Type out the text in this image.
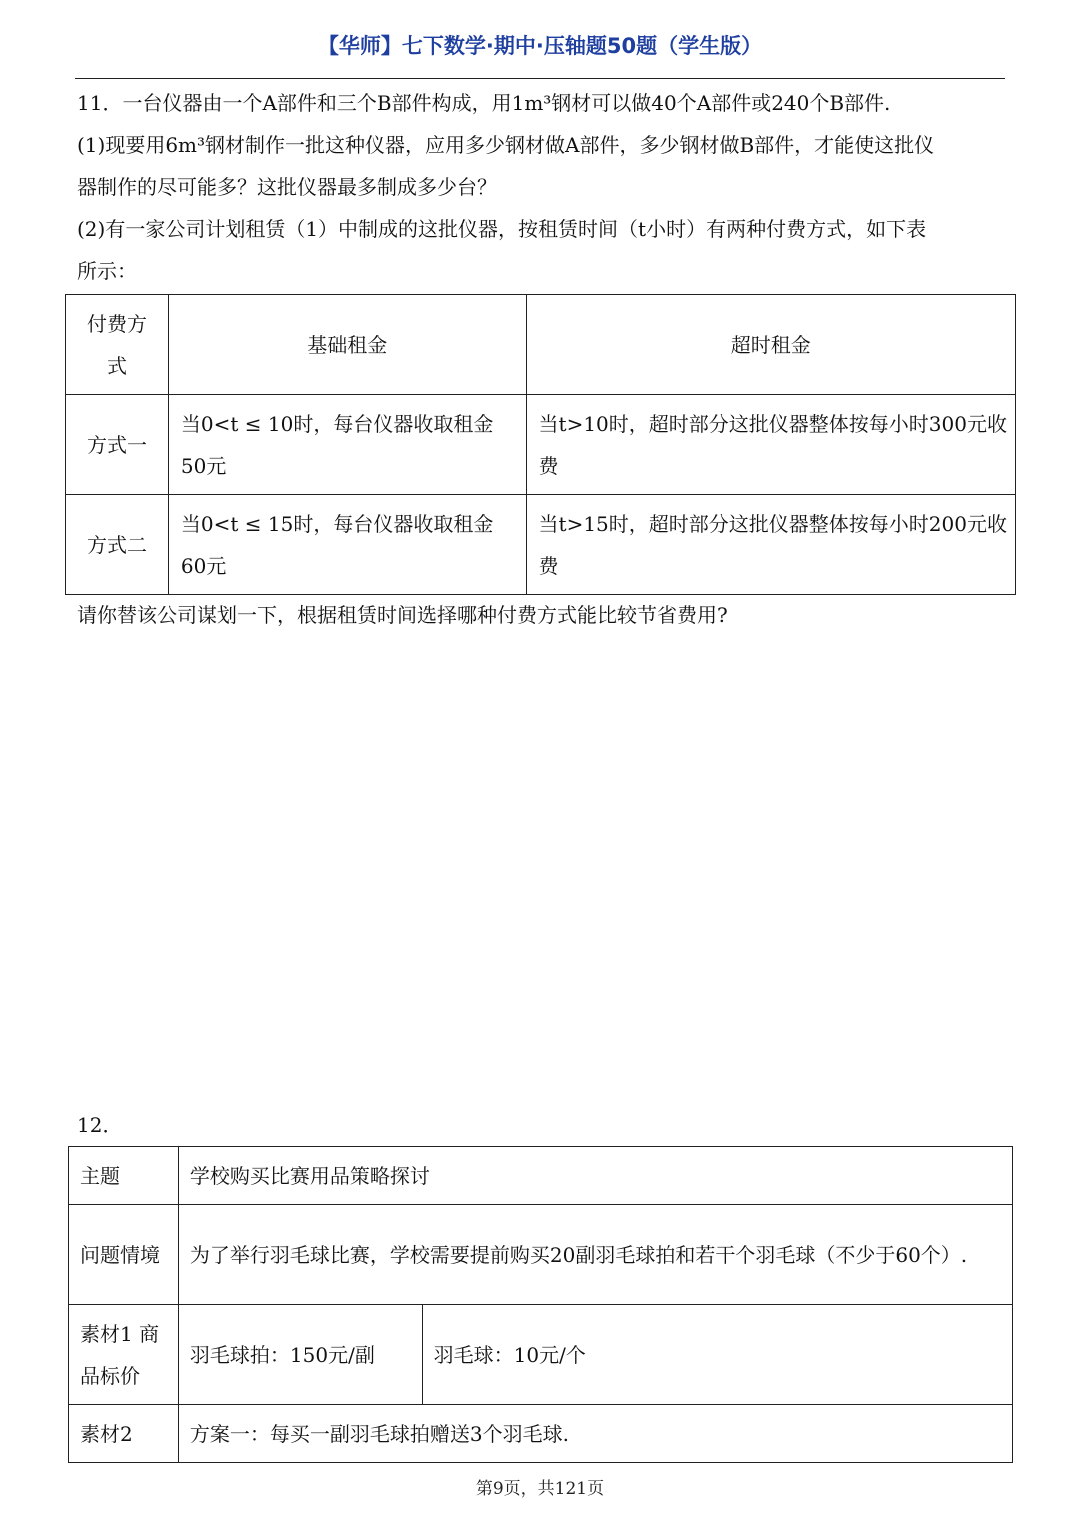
【华师】七下数学·期中·压轴题50题（学生版）
11．一台仪器由一个A部件和三个B部件构成，用1m³钢材可以做40个A部件或240个B部件.
(1)现要用6m³钢材制作一批这种仪器，应用多少钢材做A部件，多少钢材做B部件，才能使这批仪
器制作的尽可能多？这批仪器最多制成多少台？
(2)有一家公司计划租赁（1）中制成的这批仪器，按租赁时间（t小时）有两种付费方式，如下表
所示：
付费方式	基础租金	超时租金
方式一	当0<t ≤ 10时，每台仪器收取租金50元	当t>10时，超时部分这批仪器整体按每小时300元收费
方式二	当0<t ≤ 15时，每台仪器收取租金60元	当t>15时，超时部分这批仪器整体按每小时200元收费
请你替该公司谋划一下，根据租赁时间选择哪种付费方式能比较节省费用?
12．
主题	学校购买比赛用品策略探讨	
问题情境	为了举行羽毛球比赛，学校需要提前购买20副羽毛球拍和若干个羽毛球（不少于60个）.	
素材1 商品标价	羽毛球拍：150元/副	羽毛球：10元/个
素材2	方案一：每买一副羽毛球拍赠送3个羽毛球.	
第9页，共121页
